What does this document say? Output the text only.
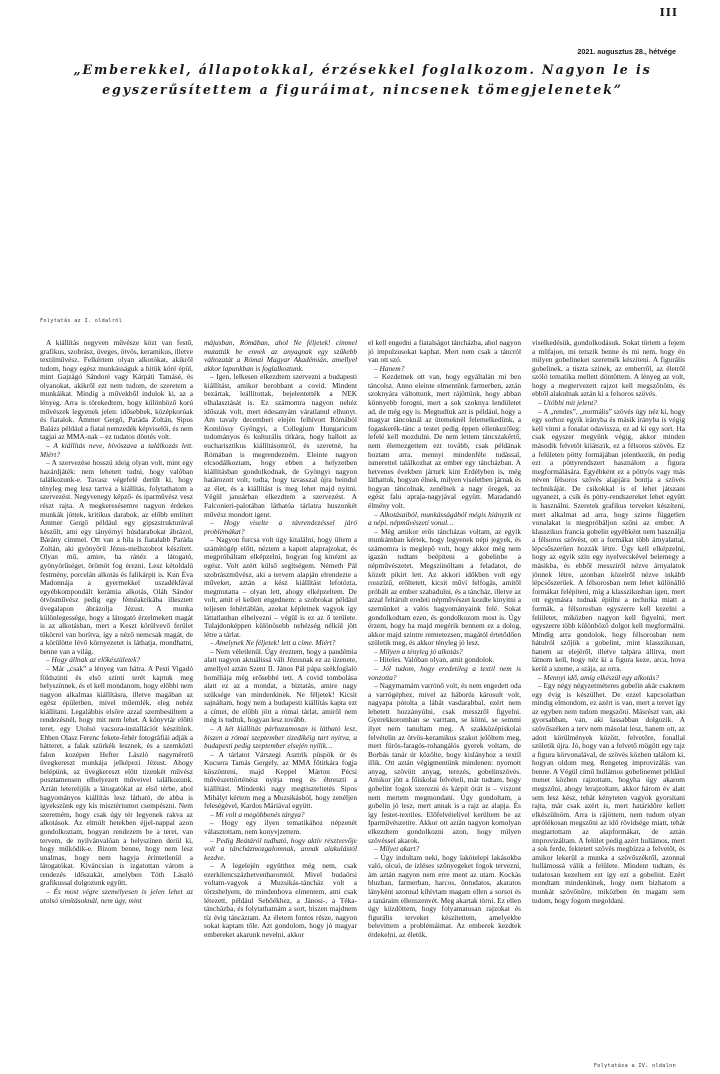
III
2021. augusztus 28., hétvége
„Emberekkel, állapotokkal, érzésekkel foglalkozom. Nagyon le is
egyszerűsítettem a figuráimat, nincsenek tömegjelenetek”
Folytatás az I. oldalról

A kiállítás negyven művésze közt van festő, grafikus, szobrász, üveges, ötvös, keramikus, illetve textilművész. Felkértem olyan alkotókat, akikről tudom, hogy egész munkásságuk a hitük köré épül, mint Gajzágó Sándoré vagy Kárpáti Tamásé, és olyanokat, akikről ezt nem tudom, de szeretem a munkáikat. Mindig a művekből indulok ki, az a lényeg. Arra is törekedtem, hogy különböző korú művészek legyenek jelen: idősebbek, középkorúak és fiatalok. Ámmer Gergő, Parádа Zoltán, Sipos Balázs például a fiatal nemzedék képviselői, és nem tagjai az MMA-nak – ez tudatos döntés volt.

– A kiállítás neve, hívószava a találkozás lett. Miért?

– A szervezése hosszú ideig olyan volt, mint egy hazárdjáték: nem lehetett tudni, hogy valóban találkozunk-e. Tavasz végefelé derült ki, hogy tényleg meg lesz tartva a kiállítás, folytathatom a szervezést. Negyvenegy képző- és iparművész vesz részt rajta. A megkeresésemre nagyon érdekes munkák jöttek, kritikus darabok, az előbb említett Ámmer Gergő például egy gipszstrukturával készült, ami egy tányérnyi húsdarabokat ábrázol, Bárány címmel. Ott van a híla is fiatalabb Parádа Zoltán, aki gyönyörű Jézus-mellszobrot készített. Olyan mű, amire, ha ránéz a látogató, gyönyörűséget, örömöt fog érezni. Lesz kétoldalú festmény, porcelán alkotás és falikárpit is. Kun Éva Madonnája a gyermekkel uszadékfával egyébkompondált kerámia alkotás, Oláh Sándor ötvösművész pedig egy féméakrikába illesztett üvegalapon ábrázolja Jézust. A munka különlegessége, hogy a látogató érzelmekett magát is az alkotásban, mert a Keszt körülvevő ferület tükörrel van borítva, így a néző nemcsak magát, de a körülötte lévő környezetet is láthatja, mondhatni, benne van a világ.

– Hogy állnak az előkészületek?

– Már „csak” a lényeg van hátra. A Pesti Vigadó földszinti és első szinti terét kaptuk meg helyszínnek, és el kell mondanom, hogy előbbi nem nagyon alkalmas kiállításra, illetve magában az egész épületben, mivel műemlék, eleg nehéz kiállítani. Legalábbis elsőre azzal szembesültem a rendezésnél, hogy mit nem lehet. A könyvtár előtti teret, egy Utolsó vacsora-installációt készítünk. Ebben Olasz Ferenc fekete-fehér fotográfiái adják a hátteret, a falak szürkék lesznek, és a szemközti falon kozépen Hefter László nagyméretű üvegkereszt munkája jelképezi Jézust. Ahogy belépünk, az üvegkereszt előtt tizenkét művész posztamensen elhelyezett műveivel találkozunk. Aztán leterelijük a látogatókat az első térbe, ahol hagyományos kiállítás lesz látható, de abba is igyekszünk egy kis misztériumot csempészni. Nem szeretném, hogy csak úgy tér legyenek rakva az alkotások. Az elmúlt hetekben éjjel-nappal azon gondolkoztam, hogyan rendezem be a teret, van tervem, de nyilvánvalóan a helyszínen derül ki, hogy működik-e. Bízom benne, hogy nem lesz unalmas, hogy nem hagyja érintetlenül a látogatókat. Kiváncsian is izgatottan várom a rendezés időszakát, amelyben Tóth László grafikussal dolgozunk együtt.

– És most végre személyesen is jelen lehet az utolsó simításoknál, nem úgy, mint

májusban, Rómában, ahol Ne féljetek! címmel mutatták be ennek az anyagnak egy szűkebb változatát a Római Magyar Akadémián, amellyel akkor lapunkban is foglalkoztunk.

– Igen, lelkesen elkezdtem szervezni a budapesti kiállítást, amikor berobbant a covid. Mindent bezártak, leállítottak, bejelentették a NEK elhalasztását is. Ez számomra nagyon nehéz időszak volt, mert édesanyám váratlanul elhunyt. Am tavaly decemberi elején felhívott Rómából Komlóssy Gyöngyi, a Collegium Hungaricum tudományos és kulturális titkára, hogy hallott az eucharisztikus kiállításomról, és szeretné, ha Rómában is megrendezném. Eleinte nagyon elcsodálkoztam, hogy ebben a helyzetben kiállításban gondolkodnak, de Gyöngyi nagyon határozott volt, tudta, hogy tavasszal újra beindul az élet, és a kiállítást is meg lehet majd nyitni. Végül januárban elkezdtem a szervezést. A Falconieri-palotában láthatóа tárlatra huszonkét művész mondott igent.

– Hogy viselte a távrendezéssel járó problémákat?

– Nagyon furcsa volt úgy kitalálni, hogy ültem a számítógép előtt, néztem a kapott alaprajzokat, és megpróbáltam elképzelni, hogyan fog kinézni az egész. Volt azért külső segítségem. Németh Pál szobrászművész, aki a tervem alapján elrendezte a műveket, aztán a kész kiállítást lefotózta, megmutatta – olyan lett, ahogy elképzeltem. De volt, amit el kellett engednem: a szobrokat például teljesen fehértáblán, azokat képletnek vagyok így láttatlanban elhelyezni – végül is ez az ő területe. Tulajdonképpen különösebb nehézség nélkül jött létre a tárlat.

– Amelynek Ne féljetek! lett a címe. Miért?

– Nem véletlenül. Úgy éreztem, hogy a pandémia alatt nagyon aktuálissá vált Jézusnak ez az üzenete, amellyel aztán Szent II. János Pál pápa székfoglaló homíliája még erősebbé tett. A covid tombolása alatt ez az a mondat, a biztatás, amire nagy szüksége van mindenkinek. Ne féljetek! Kicsit sajnáltam, hogy nem a budapesti kiállítás kapta ezt a címet, de előbb jött a római tárlat, amiről nem még is tudtuk, hogyan lesz tovább.

– A két kiállítás párhuzamosan is látható lesz, hiszen a római szeptember tizedikéig tart nyitva, a budapesti pedig szeptember elsején nyílik…

– A tárlatot Várszegi Asztrik püspök úr és Kucsera Tamás Gergely, az MMA főtitkára fogja köszönteni, majd Keppel Márton Pécsi művészettörténész nyitja meg és ébreszti a kiállítást. Mindenki nagy megtiszteltetés Sipos Mihályt kértem meg a Muzsikásból, hogy zenéljen feleségével, Kardos Máriával együtt.

– Mi volt a megöbbenés tárgya?

– Hogy egy ilyen tematikához népzenét választottam, nem konyvjzettem.

– Pedig Beátáról tudható, hogy aktív résztvevője volt a táncházmozgalomnak, annak alakulástól kezdve.

– A legelején együtthez még nem, csak ezerkilencszázhetvenharomtól. Mivel budaörsi voltam-vagyok a Muzsikás-táncház volt a törzshelyem, de mindenhova elmentem, ami csak létezett, például Sebőékhez, a Jánosi-, a Téka-táncházba, és folytathatnám a sort, hiszen majdnem tíz évig táncáztam. Az életem fontos része, nagyon sokat kaptam tőle. Azt gondolom, hogy jó magyar embereket akarunk nevelni, akkor

el kell engedni a fiatalságot táncházba, ahol nagyon jó impulzusokat kaphat. Mert nem csak a táncról van ott szó.

– Hanem?

– Kezdetnek ott van, hogy egyáltalán mi ben táncolsz. Anno eleinte elmentünk farmerben, aztán szoknyára váltottunk, mert rájöttünk, hogy abban könnyebb forogni, mert a sok szoknya lendületet ad, de még egy is. Megtudtuk azt is például, hogy a magyar táncoknál az ütemeknél felemelkedünk, a fogaskerék-tánc a testet pedig éppen ellenkezőleg: lefelé kell mozdulni. De nem lettem táncszakértő, nem élemezgettem ezt tovább, csak példának hoztam arra, mennyi mindenféle tudással, ismerettel találkozhat az ember egy táncházban. A hetvenes években járturk kint Erdélyben is, még láthattuk, hogyan élnek, milyen viseletben járnak és hogyan táncolnak, zenélnek a nagy öregek, az egész falu apraja-nagyjával együtt. Maradandó élmény volt.

– Alkotásaiból, munkásságából mégis hiányzik ez a népi, népművészeti vonal…

– Még amikor erős táncházas voltam, az egyik munkámban kértek, hogy legyenek népi jegyek, és számomra is meglepő volt, hogy akkor még nem igazán tudtam beépíteni a gobelinbe a népművészetet. Megszünöltam a feladatot, de közelt pikírt lett. Az akkori időkben volt egy rosszízű, erőltetett, kicsit műví felfogás, amitől próbált az ember szabadulni, és a táncház, illetve az azzal feltárult eredeti népművészet kezdte kinyitni a szemünket a valós hagyományaink felé. Sokat gondolkodtam ezen, és gondolkozom most is. Úgy érzem, hogy ha majd megérik bennem ez a dolog, akkor majd szintre remtetezsen, magától értetődően születik meg, és akkor tényleg jó lesz.

– Milyen a tényleg jó alkotás?

– Hiteles. Valóban olyan, amit gondolok.

– Jól tudom, hogy eredetileg a textil nem is vonzotta?

– Nagymamám varrónő volt, és nem engedett oda a varrógéphez, mivel az háborús károsult volt, nagyapa pótolta a lábát vasdarabbal, ezért nem lehetett hozzányúlni, csak messzről figyelni. Gyerekkoromban se varrtam, se kötni, se semmi ilyet nem tanultam meg. A szakközépiskolai felvételin az ötvös-keramikus szakot jelöltem meg, mert fürös-faragós-rohangálós gyerek voltam, de Borbás tanár úr közölte, hogy kislányhoz a textil illik. Ott aztán végigmentünk mindenen: nyomott anyag, szövött anyag, terezés, gobelinszövés. Amikor jött a főiskolai felvételi, már tudtam, hogy gobelint fogok szerezni és kárpit órát is – viszont nem mertem megmondani. Úgy gondoltam, a gobelin jó lesz, mert annak is a rajz az alapja. És így festet-textiles. Előfelvételivel kerültem be az Iparművészetire. Akkor ott aztán nagyon komolyan elkezdtem gondolkozni azon, hogy milyen szövéssel akarok.

– Milyet akart?

– Úgy indultam neki, hogy lakótelepi lakásokba való, olcsó, de ízléses szőnyegeket fogok tervezni, ám aztán nagyon nem erre ment az utam. Kockás bluzban, farmerban, harcos, öntudatos, akaratos lányként azonnal kihívtam magam ellen a sorsot és a tanáraim ellenszenvét. Meg akartak törni. Ez ellen úgy küzdöttem, hogy folyamatosan rajzokat és figurális terveket készítettem, amelyekbe belevittem a problémáimat. Az emberek kezdtek érdekelni, az életük,

viselkedésük, gondolkodásuk. Sokat törtem a fejem a műfajon, mi tetszik benne és mi nem, hogy én milyen gobelineket szeretnék készíteni. A figurális gobelinek, a tiszta színek, az emberről, az életről szóló tematika mellett döntöttem. A lényeg az volt, hogy a megtervezett rajzot kell megszőnöm, és ebből alakulnak aztán ki a felsoros szövés.

– Utóbbi mit jelent?

– A „rendes”, „normális” szövés úgy néz ki, hogy egy sorhoz egyik irányba és másik irányba is végig kell vinni a fonalat odavissza, ez ad ki egy sort. Ha csak egyszer megyünk végig, akkor minden második felvetőt kiiátszik, ez a félsoros szövés. Ez a felületen pötty formájában jelentkezik, én pedig ezt a pöttyrendszert használom a figura megformálására. Egyébként ez a pöttyös vagy más néven félsoros szövés alapjára bontja a szövés technikáját. De csikokkal is el lehet játszani ugyanezt, a csík és pötty-rendszereket lehet együtt is használni. Szeretek grafikus terveket készíteni, mert alkalmat ad arra, hogy szinte független vonalakat is megpróbáljon szőni az ember. A klasszikus francia gobelin egyébként nem használja a félsoros szövést, ott a formákat több árnyalattal, lépcsőszerűen hozzák létre. Úgy kell elképzelni, hogy az egyik szín egy nyelvecskével belemegy a másikba, és ebből messziről nézve árnyalatok jönnek létre, azonban közelről nézve inkább lépcsőszerűek. A félsorosban nem lehet különálló formákat felépíteni, míg a klasszikusban igen, mert ott egymásra tudnak épülni a technika miatt a formák, a félsorosban egyszerre kell kezelni a felületet, miközben nagyon kell figyelni, mert egyszerre több különböző dolgot kell megformálni. Mindig arra gondolok, hogy félsorosban nem hátulról szőjük a gobelint, mint klasszikusan, hanem az elejéről, illetve talpára állítva, mert látnom kell, hogy néz ki a figura keze, arca, hova kerül a szeme, a szája, az orra.

– Mennyi idő, amíg elkészül egy alkotás?

– Egy négy négyzetméteres gobelin akár csaknem egy évig is készülhet. De ezzel kapcsolatban mindig elmondom, ez azért is van, mert a tervet így az egyben nem tudom megszőni. Másrészt van, aki gyorsabban, van, aki lassabban dolgozik. A szövőszéken a terv nem másolat lesz, hanem ott, az adott körülmények között, felvetőre, fonallal születik újra. Jó, hogy van a felvető mögött egy rajz a figura körvonalával, de szövés közben találom ki, hogyan oldom meg. Rengeteg improvizálás van benne. A Végül című hullámos gobelinemet például menet közben rajzottam, hogyha úgy akarom megszőni, ahogy lerajzoltam, akkor három év alatt sem lesz kész, tehát kényteten vagyok gyorsítani rajta, már csak azért is, mert határidőre kellett elkészülnöm. Arra is rájöttem, nem tudom olyan aprólékosan megszőni az idő rövidsége miatt, tehát megtartottam az alapformákat, de aztán improvizáltam. A felület pedig azért hullámos, mert a sok ferde, fektetett szövés megbízza a felvetőt, és amikor lekerül a munka a szövőszékről, azonnal hullámossá válik a felülete. Mindent tudtam, és tudatosan kezeltem ezt így ezt a gobelint. Ezért mondtam mindenkinek, hogy nem bizhatom a munkát szövőnőre, miközben én magam sem tudom, hogy fogom megoldani.

Folytatása a IV. oldalon
